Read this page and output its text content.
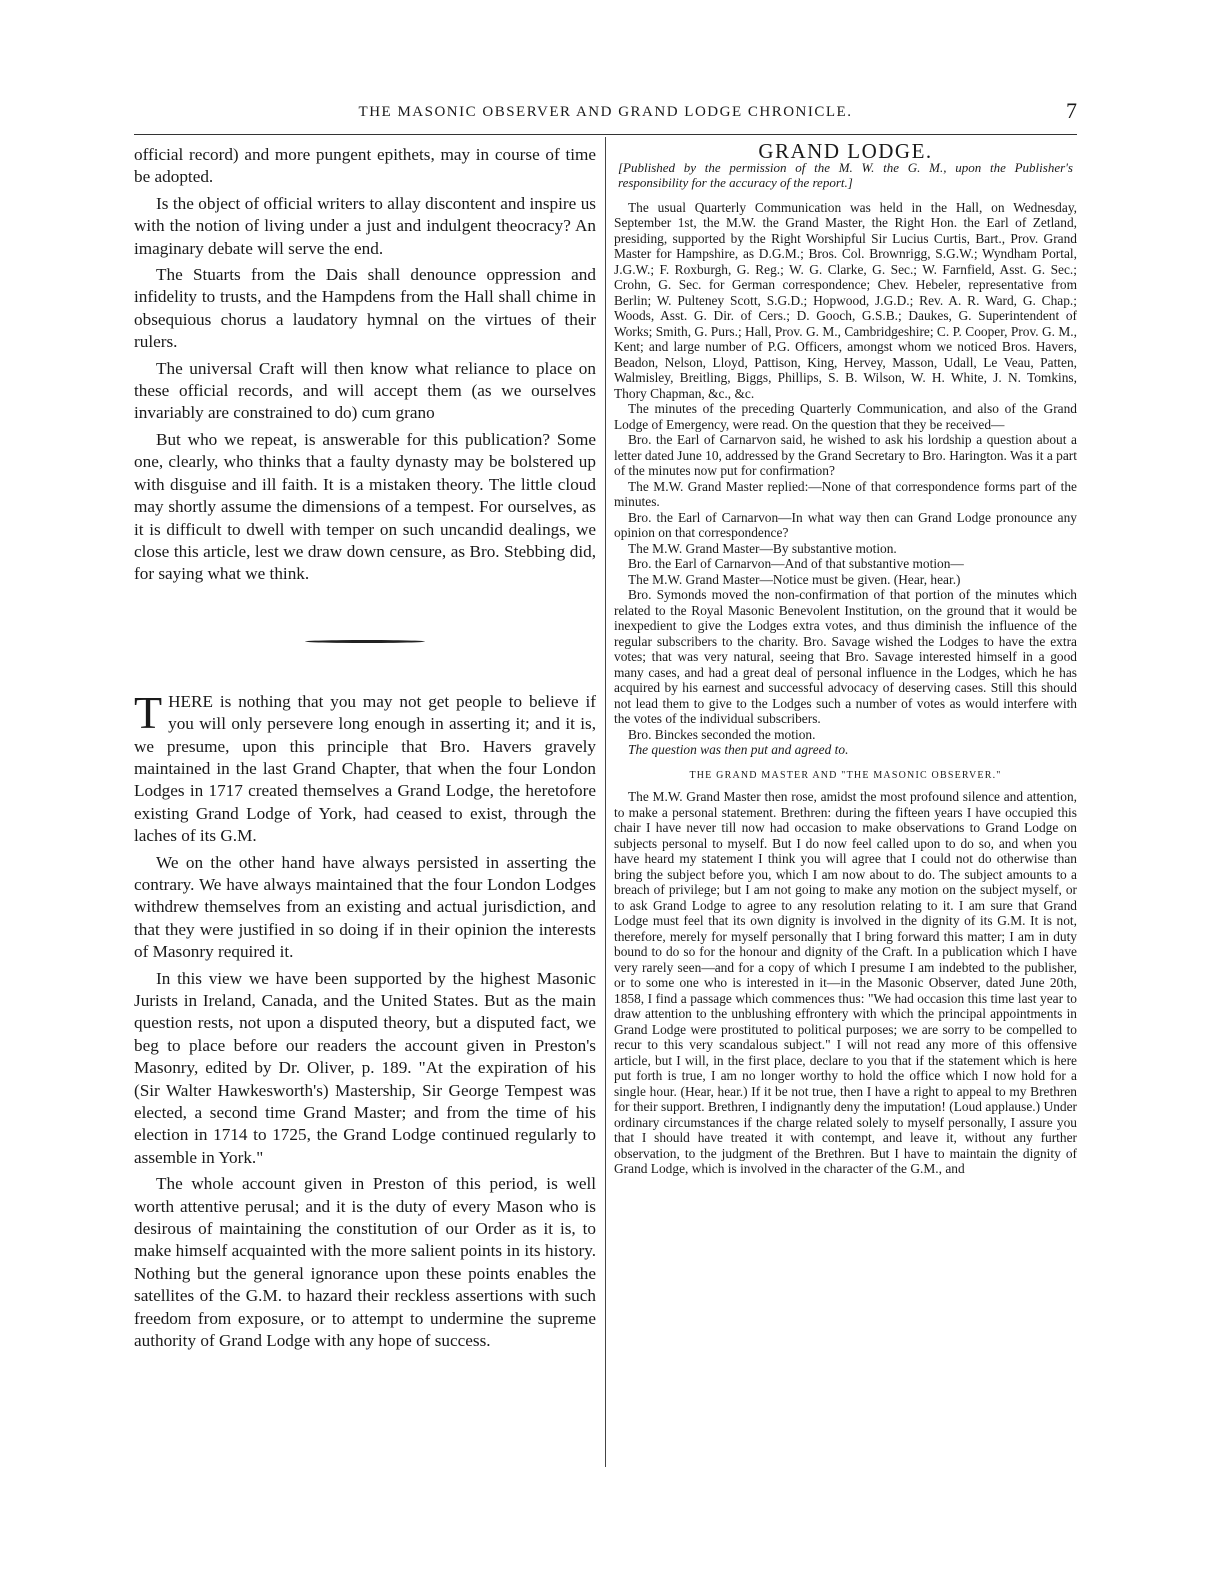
THE MASONIC OBSERVER AND GRAND LODGE CHRONICLE.	7

official record) and more pungent epithets, may in course of time be adopted.

Is the object of official writers to allay discontent and inspire us with the notion of living under a just and indulgent theocracy? An imaginary debate will serve the end.

The Stuarts from the Dais shall denounce oppression and infidelity to trusts, and the Hampdens from the Hall shall chime in obsequious chorus a laudatory hymnal on the virtues of their rulers.

The universal Craft will then know what reliance to place on these official records, and will accept them (as we ourselves invariably are constrained to do) cum grano

But who we repeat, is answerable for this publication? Some one, clearly, who thinks that a faulty dynasty may be bolstered up with disguise and ill faith. It is a mistaken theory. The little cloud may shortly assume the dimensions of a tempest. For ourselves, as it is difficult to dwell with temper on such uncandid dealings, we close this article, lest we draw down censure, as Bro. Stebbing did, for saying what we think.

THERE is nothing that you may not get people to believe if you will only persevere long enough in asserting it; and it is, we presume, upon this principle that Bro. Havers gravely maintained in the last Grand Chapter, that when the four London Lodges in 1717 created themselves a Grand Lodge, the heretofore existing Grand Lodge of York, had ceased to exist, through the laches of its G.M.

We on the other hand have always persisted in asserting the contrary. We have always maintained that the four London Lodges withdrew themselves from an existing and actual jurisdiction, and that they were justified in so doing if in their opinion the interests of Masonry required it.

In this view we have been supported by the highest Masonic Jurists in Ireland, Canada, and the United States. But as the main question rests, not upon a disputed theory, but a disputed fact, we beg to place before our readers the account given in Preston's Masonry, edited by Dr. Oliver, p. 189. "At the expiration of his (Sir Walter Hawkesworth's) Mastership, Sir George Tempest was elected, a second time Grand Master; and from the time of his election in 1714 to 1725, the Grand Lodge continued regularly to assemble in York."

The whole account given in Preston of this period, is well worth attentive perusal; and it is the duty of every Mason who is desirous of maintaining the constitution of our Order as it is, to make himself acquainted with the more salient points in its history. Nothing but the general ignorance upon these points enables the satellites of the G.M. to hazard their reckless assertions with such freedom from exposure, or to attempt to undermine the supreme authority of Grand Lodge with any hope of success.

GRAND LODGE.

[Published by the permission of the M. W. the G. M., upon the Publisher's responsibility for the accuracy of the report.]

The usual Quarterly Communication was held in the Hall, on Wednesday, September 1st, the M.W. the Grand Master, the Right Hon. the Earl of Zetland, presiding, supported by the Right Worshipful Sir Lucius Curtis, Bart., Prov. Grand Master for Hampshire, as D.G.M.; Bros. Col. Brownrigg, S.G.W.; Wyndham Portal, J.G.W.; F. Roxburgh, G. Reg.; W. G. Clarke, G. Sec.; W. Farnfield, Asst. G. Sec.; Crohn, G. Sec. for German correspondence; Chev. Hebeler, representative from Berlin; W. Pulteney Scott, S.G.D.; Hopwood, J.G.D.; Rev. A. R. Ward, G. Chap.; Woods, Asst. G. Dir. of Cers.; D. Gooch, G.S.B.; Daukes, G. Superintendent of Works; Smith, G. Purs.; Hall, Prov. G. M., Cambridgeshire; C. P. Cooper, Prov. G. M., Kent; and large number of P.G. Officers, amongst whom we noticed Bros. Havers, Beadon, Nelson, Lloyd, Pattison, King, Hervey, Masson, Udall, Le Veau, Patten, Walmisley, Breitling, Biggs, Phillips, S. B. Wilson, W. H. White, J. N. Tomkins, Thory Chapman, &c., &c.

The minutes of the preceding Quarterly Communication, and also of the Grand Lodge of Emergency, were read. On the question that they be received—

Bro. the Earl of Carnarvon said, he wished to ask his lordship a question about a letter dated June 10, addressed by the Grand Secretary to Bro. Harington. Was it a part of the minutes now put for confirmation?

The M.W. Grand Master replied:—None of that correspondence forms part of the minutes.

Bro. the Earl of Carnarvon—In what way then can Grand Lodge pronounce any opinion on that correspondence?

The M.W. Grand Master—By substantive motion.

Bro. the Earl of Carnarvon—And of that substantive motion—

The M.W. Grand Master—Notice must be given. (Hear, hear.)

Bro. Symonds moved the non-confirmation of that portion of the minutes which related to the Royal Masonic Benevolent Institution, on the ground that it would be inexpedient to give the Lodges extra votes, and thus diminish the influence of the regular subscribers to the charity. Bro. Savage wished the Lodges to have the extra votes; that was very natural, seeing that Bro. Savage interested himself in a good many cases, and had a great deal of personal influence in the Lodges, which he has acquired by his earnest and successful advocacy of deserving cases. Still this should not lead them to give to the Lodges such a number of votes as would interfere with the votes of the individual subscribers.

Bro. Binckes seconded the motion.

The question was then put and agreed to.

THE GRAND MASTER AND "THE MASONIC OBSERVER."

The M.W. Grand Master then rose, amidst the most profound silence and attention, to make a personal statement. Brethren: during the fifteen years I have occupied this chair I have never till now had occasion to make observations to Grand Lodge on subjects personal to myself. But I do now feel called upon to do so, and when you have heard my statement I think you will agree that I could not do otherwise than bring the subject before you, which I am now about to do. The subject amounts to a breach of privilege; but I am not going to make any motion on the subject myself, or to ask Grand Lodge to agree to any resolution relating to it. I am sure that Grand Lodge must feel that its own dignity is involved in the dignity of its G.M. It is not, therefore, merely for myself personally that I bring forward this matter; I am in duty bound to do so for the honour and dignity of the Craft. In a publication which I have very rarely seen—and for a copy of which I presume I am indebted to the publisher, or to some one who is interested in it—in the Masonic Observer, dated June 20th, 1858, I find a passage which commences thus: "We had occasion this time last year to draw attention to the unblushing effrontery with which the principal appointments in Grand Lodge were prostituted to political purposes; we are sorry to be compelled to recur to this very scandalous subject." I will not read any more of this offensive article, but I will, in the first place, declare to you that if the statement which is here put forth is true, I am no longer worthy to hold the office which I now hold for a single hour. (Hear, hear.) If it be not true, then I have a right to appeal to my Brethren for their support. Brethren, I indignantly deny the imputation! (Loud applause.) Under ordinary circumstances if the charge related solely to myself personally, I assure you that I should have treated it with contempt, and leave it, without any further observation, to the judgment of the Brethren. But I have to maintain the dignity of Grand Lodge, which is involved in the character of the G.M., and
